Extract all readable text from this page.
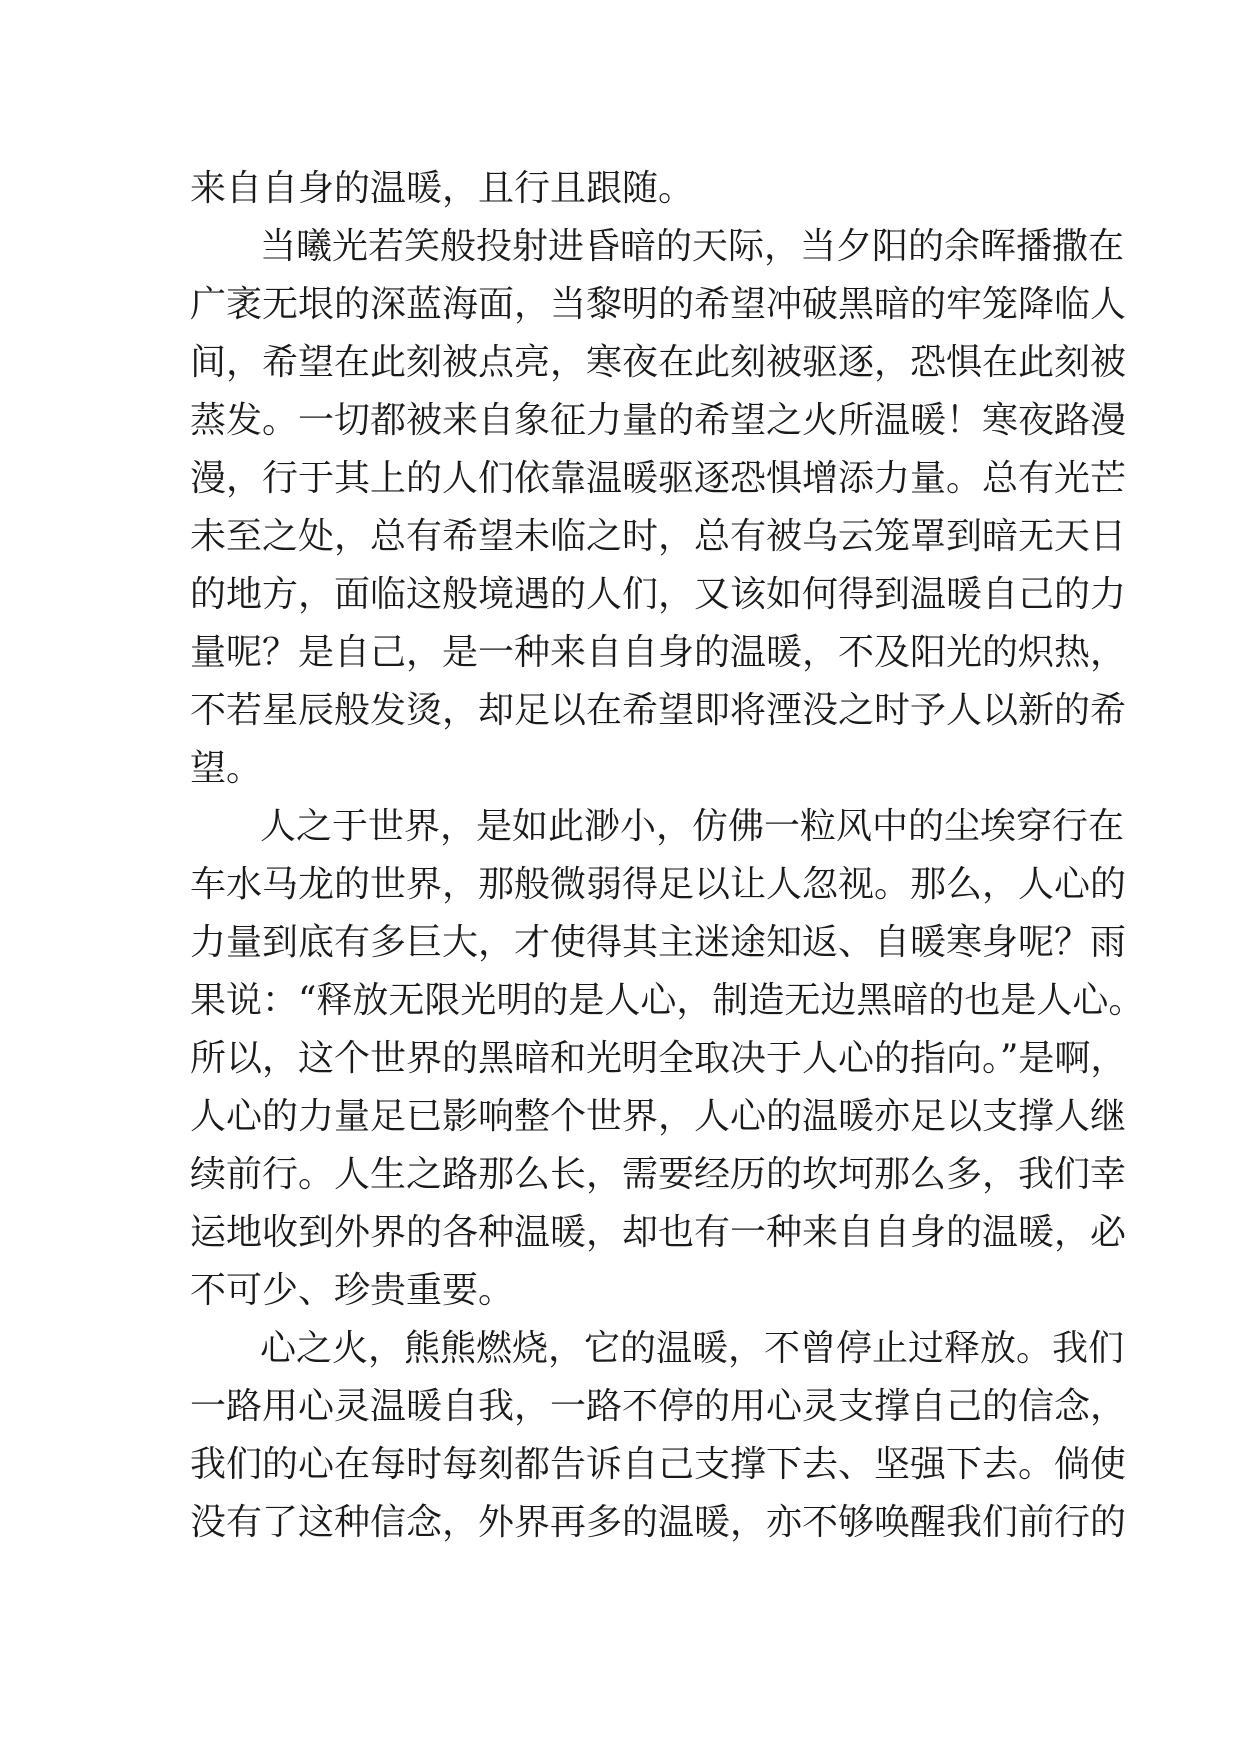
来自自身的温暖，且行且跟随。
当曦光若笑般投射进昏暗的天际，当夕阳的余晖播撒在
广袤无垠的深蓝海面，当黎明的希望冲破黑暗的牢笼降临人
间，希望在此刻被点亮，寒夜在此刻被驱逐，恐惧在此刻被
蒸发。一切都被来自象征力量的希望之火所温暖！寒夜路漫
漫，行于其上的人们依靠温暖驱逐恐惧增添力量。总有光芒
未至之处，总有希望未临之时，总有被乌云笼罩到暗无天日
的地方，面临这般境遇的人们，又该如何得到温暖自己的力
量呢？是自己，是一种来自自身的温暖，不及阳光的炽热，
不若星辰般发烫，却足以在希望即将湮没之时予人以新的希
望。
人之于世界，是如此渺小，仿佛一粒风中的尘埃穿行在
车水马龙的世界，那般微弱得足以让人忽视。那么，人心的
力量到底有多巨大，才使得其主迷途知返、自暖寒身呢？雨
果说：“释放无限光明的是人心，制造无边黑暗的也是人心。
所以，这个世界的黑暗和光明全取决于人心的指向。”是啊，
人心的力量足已影响整个世界，人心的温暖亦足以支撑人继
续前行。人生之路那么长，需要经历的坎坷那么多，我们幸
运地收到外界的各种温暖，却也有一种来自自身的温暖，必
不可少、珍贵重要。
心之火，熊熊燃烧，它的温暖，不曾停止过释放。我们
一路用心灵温暖自我，一路不停的用心灵支撑自己的信念，
我们的心在每时每刻都告诉自己支撑下去、坚强下去。倘使
没有了这种信念，外界再多的温暖，亦不够唤醒我们前行的
